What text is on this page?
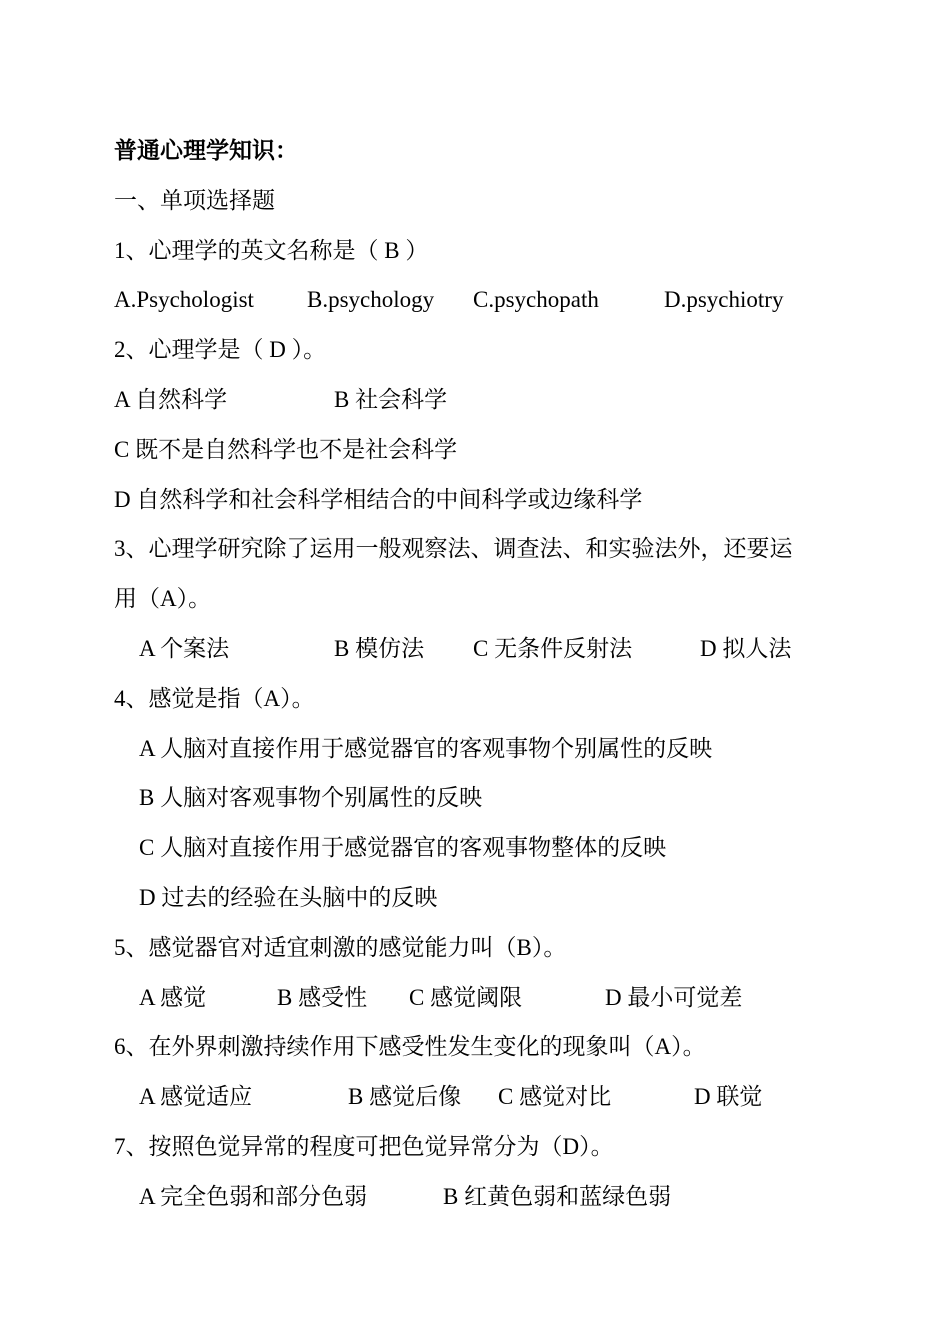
普通心理学知识：
一、单项选择题
1、心理学的英文名称是（ B ）
A.Psychologist B.psychology C.psychopath	D.psychiotry
2、心理学是（ D ）。
A 自然科学	B 社会科学
C 既不是自然科学也不是社会科学
D 自然科学和社会科学相结合的中间科学或边缘科学
3、心理学研究除了运用一般观察法、调查法、和实验法外，还要运
用（A）。
A 个案法	B 模仿法 C 无条件反射法	D 拟人法
4、感觉是指（A）。
A 人脑对直接作用于感觉器官的客观事物个别属性的反映
B 人脑对客观事物个别属性的反映
C 人脑对直接作用于感觉器官的客观事物整体的反映
D 过去的经验在头脑中的反映
5、感觉器官对适宜刺激的感觉能力叫（B）。
A 感觉	B 感受性 C 感觉阈限	D 最小可觉差
6、在外界刺激持续作用下感受性发生变化的现象叫（A）。
A 感觉适应	B 感觉后像 C 感觉对比	D 联觉
7、按照色觉异常的程度可把色觉异常分为（D）。
A 完全色弱和部分色弱	B 红黄色弱和蓝绿色弱
